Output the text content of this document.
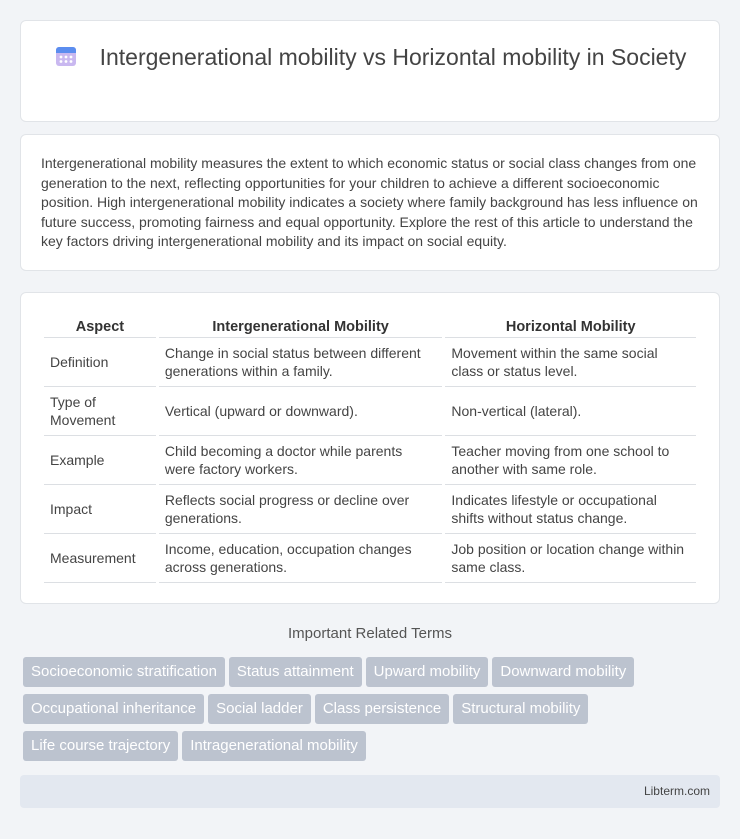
Intergenerational mobility vs Horizontal mobility in Society

Intergenerational mobility measures the extent to which economic status or social class changes from one generation to the next, reflecting opportunities for your children to achieve a different socioeconomic position. High intergenerational mobility indicates a society where family background has less influence on future success, promoting fairness and equal opportunity. Explore the rest of this article to understand the key factors driving intergenerational mobility and its impact on social equity.

Aspect	Intergenerational Mobility	Horizontal Mobility
Definition	Change in social status between different generations within a family.	Movement within the same social class or status level.
Type of Movement	Vertical (upward or downward).	Non-vertical (lateral).
Example	Child becoming a doctor while parents were factory workers.	Teacher moving from one school to another with same role.
Impact	Reflects social progress or decline over generations.	Indicates lifestyle or occupational shifts without status change.
Measurement	Income, education, occupation changes across generations.	Job position or location change within same class.
Important Related Terms
Socioeconomic stratification Status attainment Upward mobility Downward mobility
Occupational inheritance Social ladder Class persistence Structural mobility
Life course trajectory Intragenerational mobility
Libterm.com
